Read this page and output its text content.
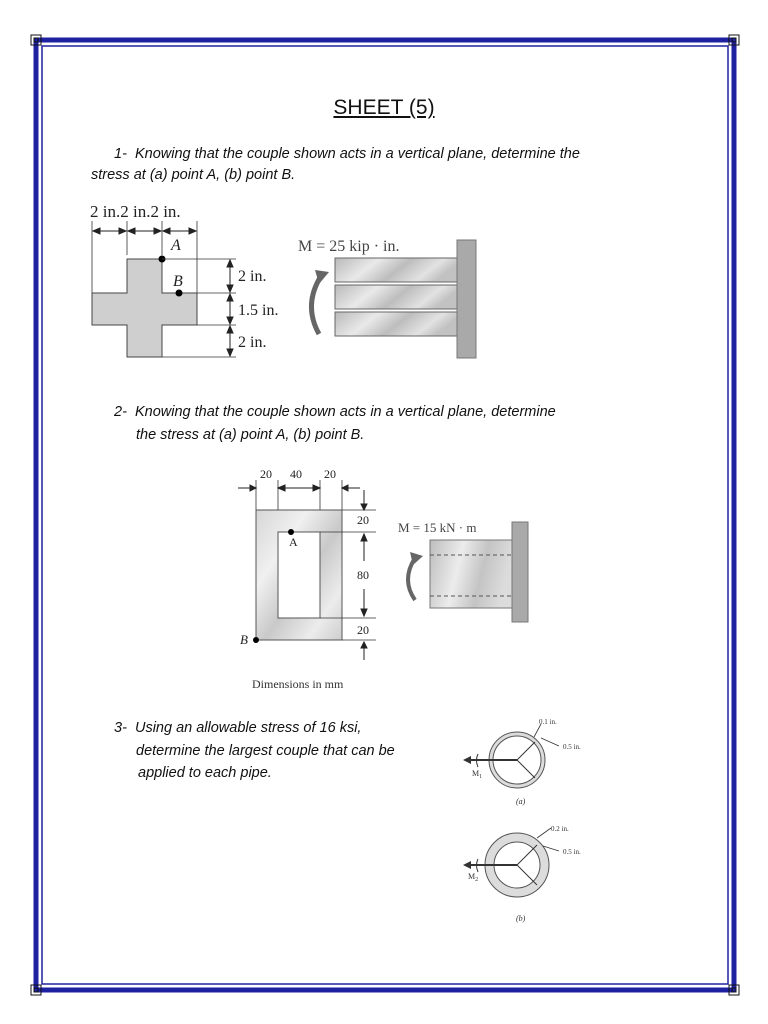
SHEET (5)
1- Knowing that the couple shown acts in a vertical plane, determine the
stress at (a) point A, (b) point B.
2 in.2 in.2 in.
A
B	2 in.
1.5 in.
2 in.
M = 25 kip · in.
2- Knowing that the couple shown acts in a vertical plane, determine
the stress at (a) point A, (b) point B.
20 40 20
A
B
20
80
20
Dimensions in mm
M = 15 kN · m
3- Using an allowable stress of 16 ksi,
determine the largest couple that can be
applied to each pipe.
0.1 in.
0.5 in.
$M_1$
(a)
0.2 in.
0.5 in.
$M_2$
(b)
